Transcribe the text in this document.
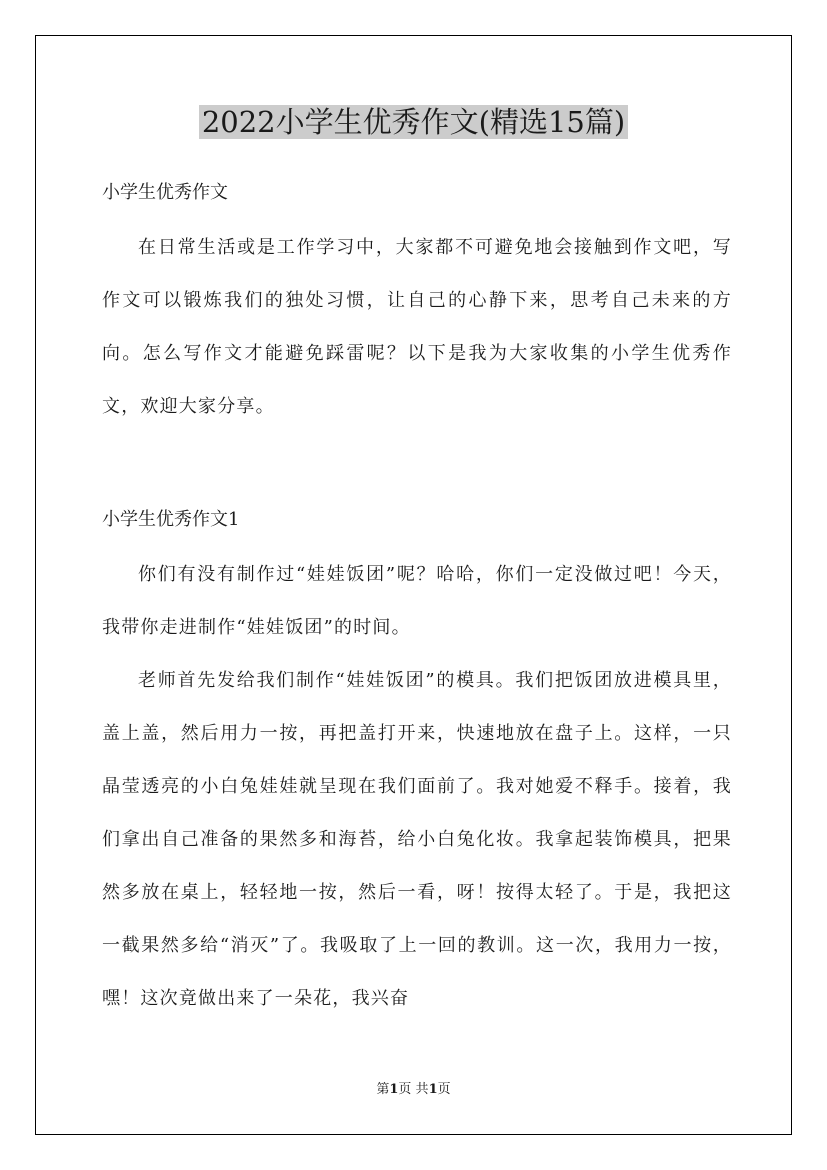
2022小学生优秀作文(精选15篇)
小学生优秀作文

在日常生活或是工作学习中，大家都不可避免地会接触到作文吧，写作文可以锻炼我们的独处习惯，让自己的心静下来，思考自己未来的方向。怎么写作文才能避免踩雷呢？以下是我为大家收集的小学生优秀作文，欢迎大家分享。

小学生优秀作文1

你们有没有制作过“娃娃饭团”呢？哈哈，你们一定没做过吧！今天，我带你走进制作“娃娃饭团”的时间。

老师首先发给我们制作“娃娃饭团”的模具。我们把饭团放进模具里，盖上盖，然后用力一按，再把盖打开来，快速地放在盘子上。这样，一只晶莹透亮的小白兔娃娃就呈现在我们面前了。我对她爱不释手。接着，我们拿出自己准备的果然多和海苔，给小白兔化妆。我拿起装饰模具，把果然多放在桌上，轻轻地一按，然后一看，呀！按得太轻了。于是，我把这一截果然多给“消灭”了。我吸取了上一回的教训。这一次，我用力一按，嘿！这次竟做出来了一朵花，我兴奋

第1页 共1页
